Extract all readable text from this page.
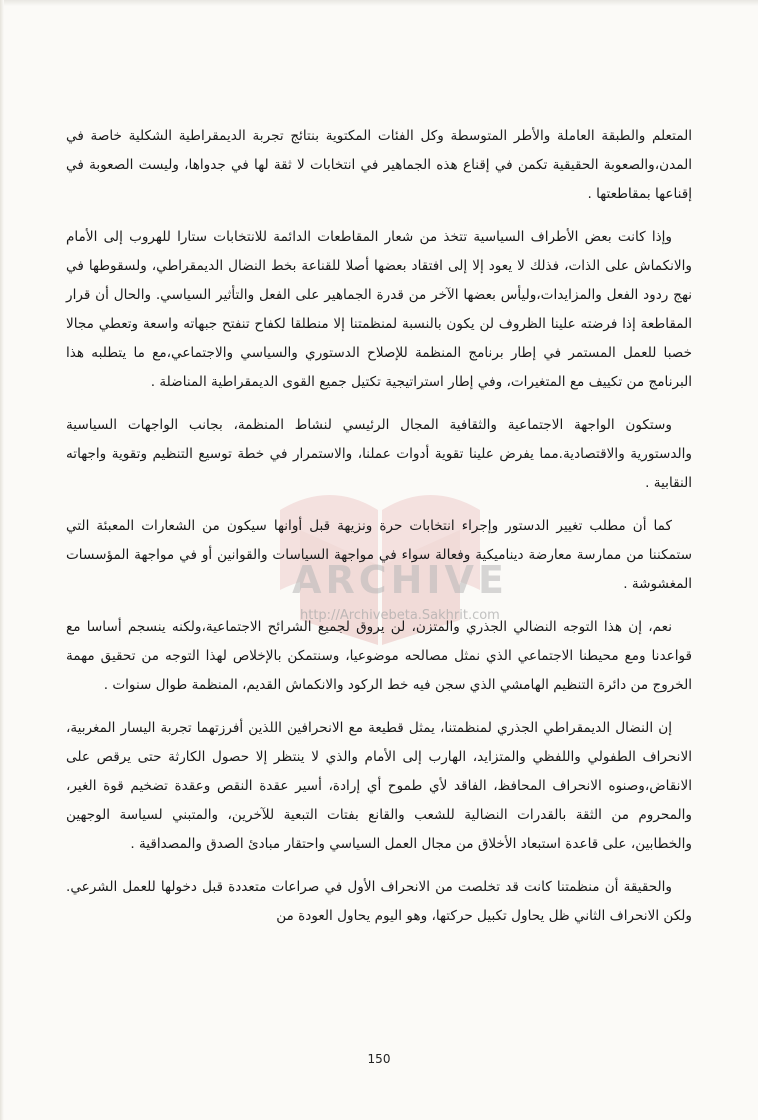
ARCHIVE
http://Archivebeta.Sakhrit.com

المتعلم والطبقة العاملة والأطر المتوسطة وكل الفئات المكتوية بنتائج تجربة الديمقراطية الشكلية خاصة في المدن،والصعوبة الحقيقية تكمن في إقناع هذه الجماهير في انتخابات لا ثقة لها في جدواها، وليست الصعوبة في إقناعها بمقاطعتها .

وإذا كانت بعض الأطراف السياسية تتخذ من شعار المقاطعات الدائمة للانتخابات ستارا للهروب إلى الأمام والانكماش على الذات، فذلك لا يعود إلا إلى افتقاد بعضها أصلا للقناعة بخط النضال الديمقراطي، ولسقوطها في نهج ردود الفعل والمزايدات،وليأس بعضها الآخر من قدرة الجماهير على الفعل والتأثير السياسي. والحال أن قرار المقاطعة إذا فرضته علينا الظروف لن يكون بالنسبة لمنظمتنا إلا منطلقا لكفاح تنفتح جبهاته واسعة وتعطي مجالا خصبا للعمل المستمر في إطار برنامج المنظمة للإصلاح الدستوري والسياسي والاجتماعي،مع ما يتطلبه هذا البرنامج من تكييف مع المتغيرات، وفي إطار استراتيجية تكتيل جميع القوى الديمقراطية المناضلة .

وستكون الواجهة الاجتماعية والثقافية المجال الرئيسي لنشاط المنظمة، بجانب الواجهات السياسية والدستورية والاقتصادية.مما يفرض علينا تقوية أدوات عملنا، والاستمرار في خطة توسيع التنظيم وتقوية واجهاته النقابية .

كما أن مطلب تغيير الدستور وإجراء انتخابات حرة ونزيهة قبل أوانها سيكون من الشعارات المعبئة التي ستمكننا من ممارسة معارضة ديناميكية وفعالة سواء في مواجهة السياسات والقوانين أو في مواجهة المؤسسات المغشوشة .

نعم، إن هذا التوجه النضالي الجذري والمتزن، لن يروق لجميع الشرائح الاجتماعية،ولكنه ينسجم أساسا مع قواعدنا ومع محيطنا الاجتماعي الذي نمثل مصالحه موضوعيا، وسنتمكن بالإخلاص لهذا التوجه من تحقيق مهمة الخروج من دائرة التنظيم الهامشي الذي سجن فيه خط الركود والانكماش القديم، المنظمة طوال سنوات .

إن النضال الديمقراطي الجذري لمنظمتنا، يمثل قطيعة مع الانحرافين اللذين أفرزتهما تجربة اليسار المغربية، الانحراف الطفولي واللفظي والمتزايد، الهارب إلى الأمام والذي لا ينتظر إلا حصول الكارثة حتى يرقص على الانقاض،وصنوه الانحراف المحافظ، الفاقد لأي طموح أي إرادة، أسير عقدة النقص وعقدة تضخيم قوة الغير، والمحروم من الثقة بالقدرات النضالية للشعب والقانع بفتات التبعية للآخرين، والمتبني لسياسة الوجهين والخطابين، على قاعدة استبعاد الأخلاق من مجال العمل السياسي واحتقار مبادئ الصدق والمصداقية .

والحقيقة أن منظمتنا كانت قد تخلصت من الانحراف الأول في صراعات متعددة قبل دخولها للعمل الشرعي. ولكن الانحراف الثاني ظل يحاول تكبيل حركتها، وهو اليوم يحاول العودة من

150
